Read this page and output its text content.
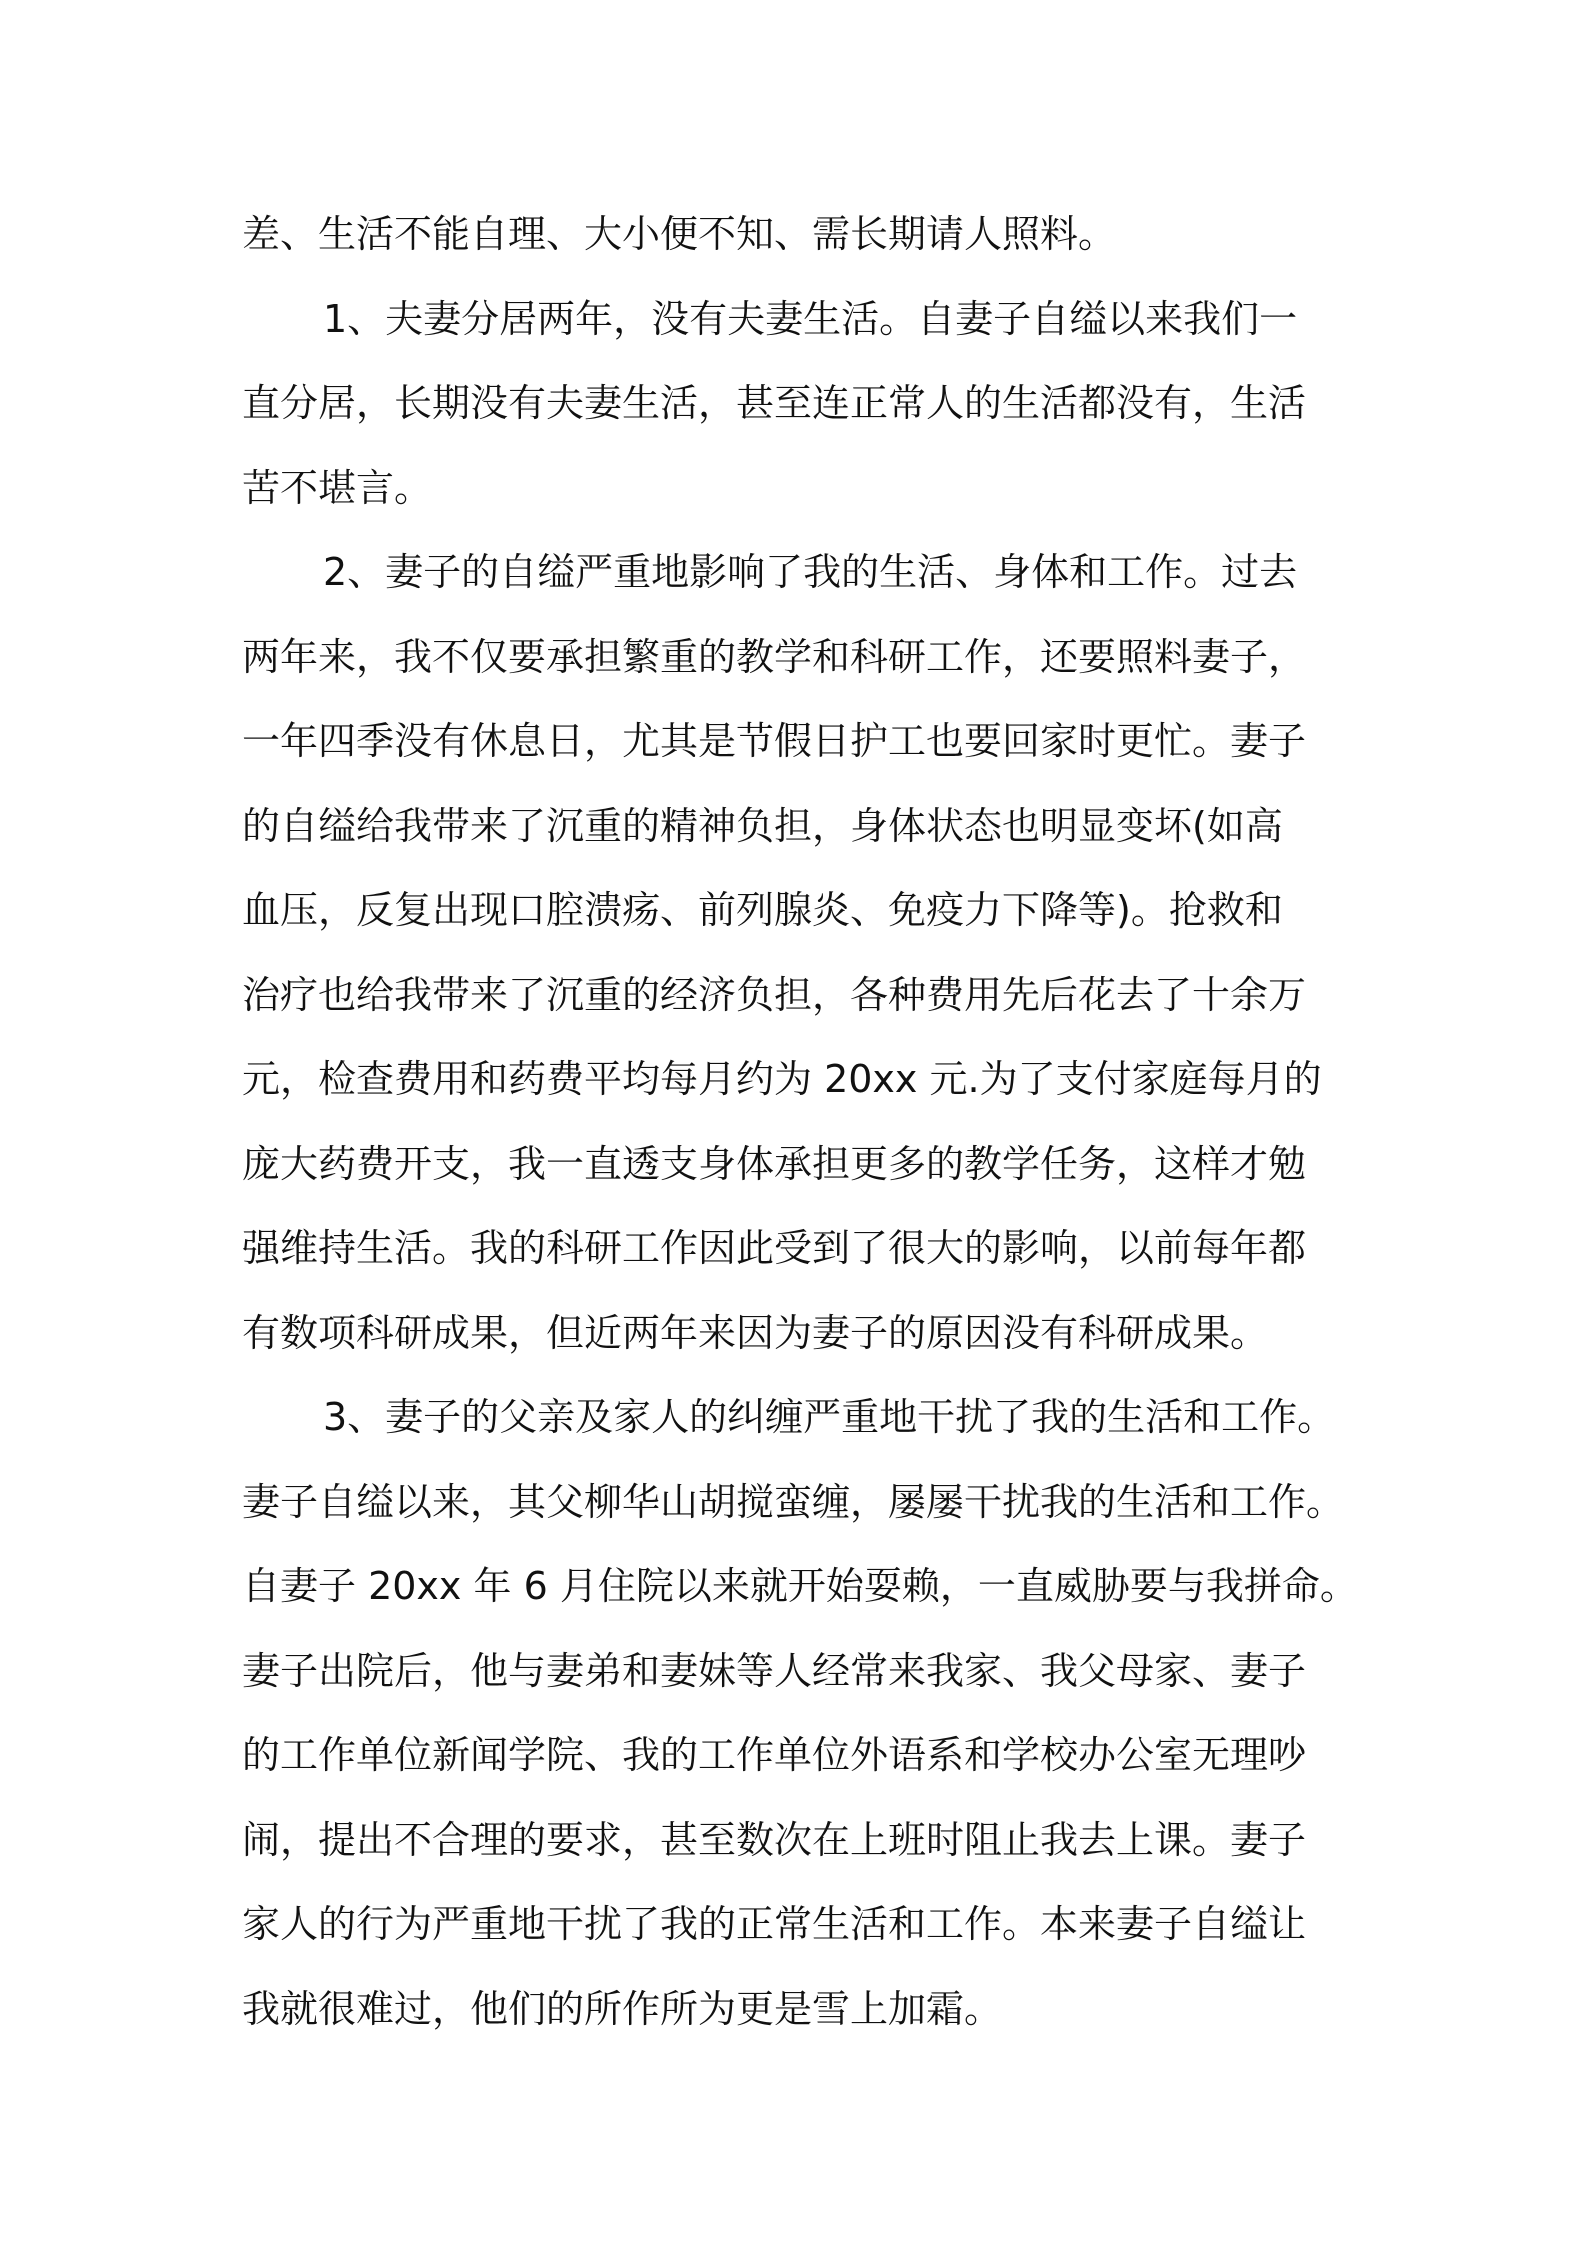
差、生活不能自理、大小便不知、需长期请人照料。
1、夫妻分居两年，没有夫妻生活。自妻子自缢以来我们一
直分居，长期没有夫妻生活，甚至连正常人的生活都没有，生活
苦不堪言。
2、妻子的自缢严重地影响了我的生活、身体和工作。过去
两年来，我不仅要承担繁重的教学和科研工作，还要照料妻子，
一年四季没有休息日，尤其是节假日护工也要回家时更忙。妻子
的自缢给我带来了沉重的精神负担，身体状态也明显变坏(如高
血压，反复出现口腔溃疡、前列腺炎、免疫力下降等)。抢救和
治疗也给我带来了沉重的经济负担，各种费用先后花去了十余万
元，检查费用和药费平均每月约为 20xx 元.为了支付家庭每月的
庞大药费开支，我一直透支身体承担更多的教学任务，这样才勉
强维持生活。我的科研工作因此受到了很大的影响，以前每年都
有数项科研成果，但近两年来因为妻子的原因没有科研成果。
3、妻子的父亲及家人的纠缠严重地干扰了我的生活和工作。
妻子自缢以来，其父柳华山胡搅蛮缠，屡屡干扰我的生活和工作。
自妻子 20xx 年 6 月住院以来就开始耍赖，一直威胁要与我拼命。
妻子出院后，他与妻弟和妻妹等人经常来我家、我父母家、妻子
的工作单位新闻学院、我的工作单位外语系和学校办公室无理吵
闹，提出不合理的要求，甚至数次在上班时阻止我去上课。妻子
家人的行为严重地干扰了我的正常生活和工作。本来妻子自缢让
我就很难过，他们的所作所为更是雪上加霜。
